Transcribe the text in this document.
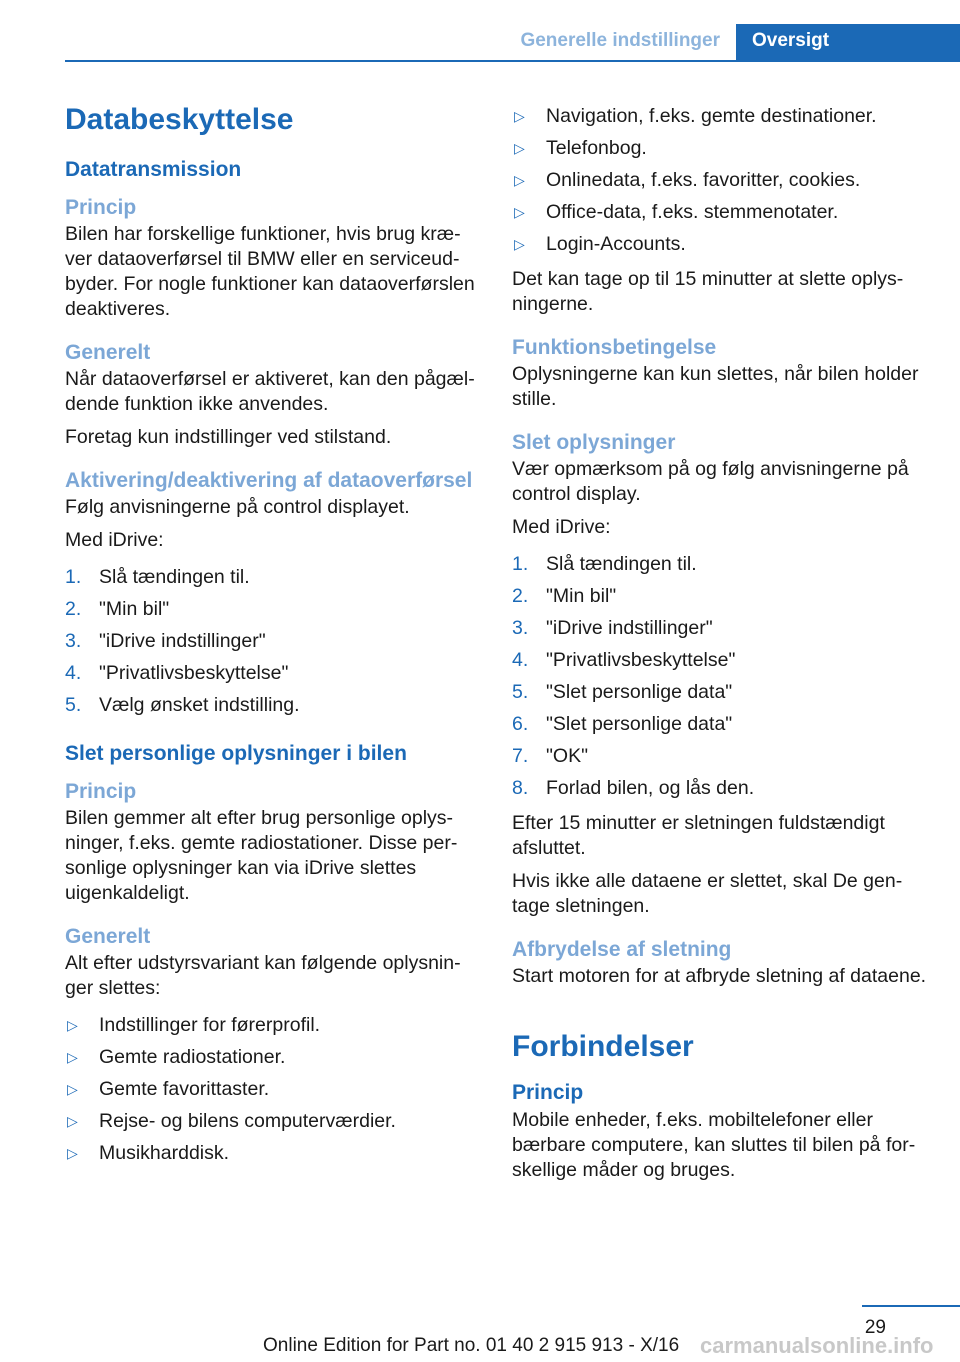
Generelle indstillinger	Oversigt
Databeskyttelse
Datatransmission
Princip

Bilen har forskellige funktioner, hvis brug kræver dataoverførsel til BMW eller en serviceudbyder. For nogle funktioner kan dataoverførslen deaktiveres.

Generelt

Når dataoverførsel er aktiveret, kan den pågældende funktion ikke anvendes.

Foretag kun indstillinger ved stilstand.

Aktivering/deaktivering af dataoverførsel

Følg anvisningerne på control displayet.

Med iDrive:

1. Slå tændingen til.
2. "Min bil"
3. "iDrive indstillinger"
4. "Privatlivsbeskyttelse"
5. Vælg ønsket indstilling.
Slet personlige oplysninger i bilen
Princip

Bilen gemmer alt efter brug personlige oplysninger, f.eks. gemte radiostationer. Disse personlige oplysninger kan via iDrive slettes uigenkaldeligt.

Generelt

Alt efter udstyrsvariant kan følgende oplysninger slettes:

▷ Indstillinger for førerprofil.
▷ Gemte radiostationer.
▷ Gemte favorittaster.
▷ Rejse- og bilens computerværdier.
▷ Musikharddisk.
▷ Navigation, f.eks. gemte destinationer.
▷ Telefonbog.
▷ Onlinedata, f.eks. favoritter, cookies.
▷ Office-data, f.eks. stemmenotater.
▷ Login-Accounts.

Det kan tage op til 15 minutter at slette oplysningerne.

Funktionsbetingelse

Oplysningerne kan kun slettes, når bilen holder stille.

Slet oplysninger

Vær opmærksom på og følg anvisningerne på control display.

Med iDrive:

1. Slå tændingen til.
2. "Min bil"
3. "iDrive indstillinger"
4. "Privatlivsbeskyttelse"
5. "Slet personlige data"
6. "Slet personlige data"
7. "OK"
8. Forlad bilen, og lås den.

Efter 15 minutter er sletningen fuldstændigt afsluttet.

Hvis ikke alle dataene er slettet, skal De gentage sletningen.

Afbrydelse af sletning

Start motoren for at afbryde sletning af dataene.

Forbindelser
Princip

Mobile enheder, f.eks. mobiltelefoner eller bærbare computere, kan sluttes til bilen på forskellige måder og bruges.

29
Online Edition for Part no. 01 40 2 915 913 - X/16 carmanualsonline.info
